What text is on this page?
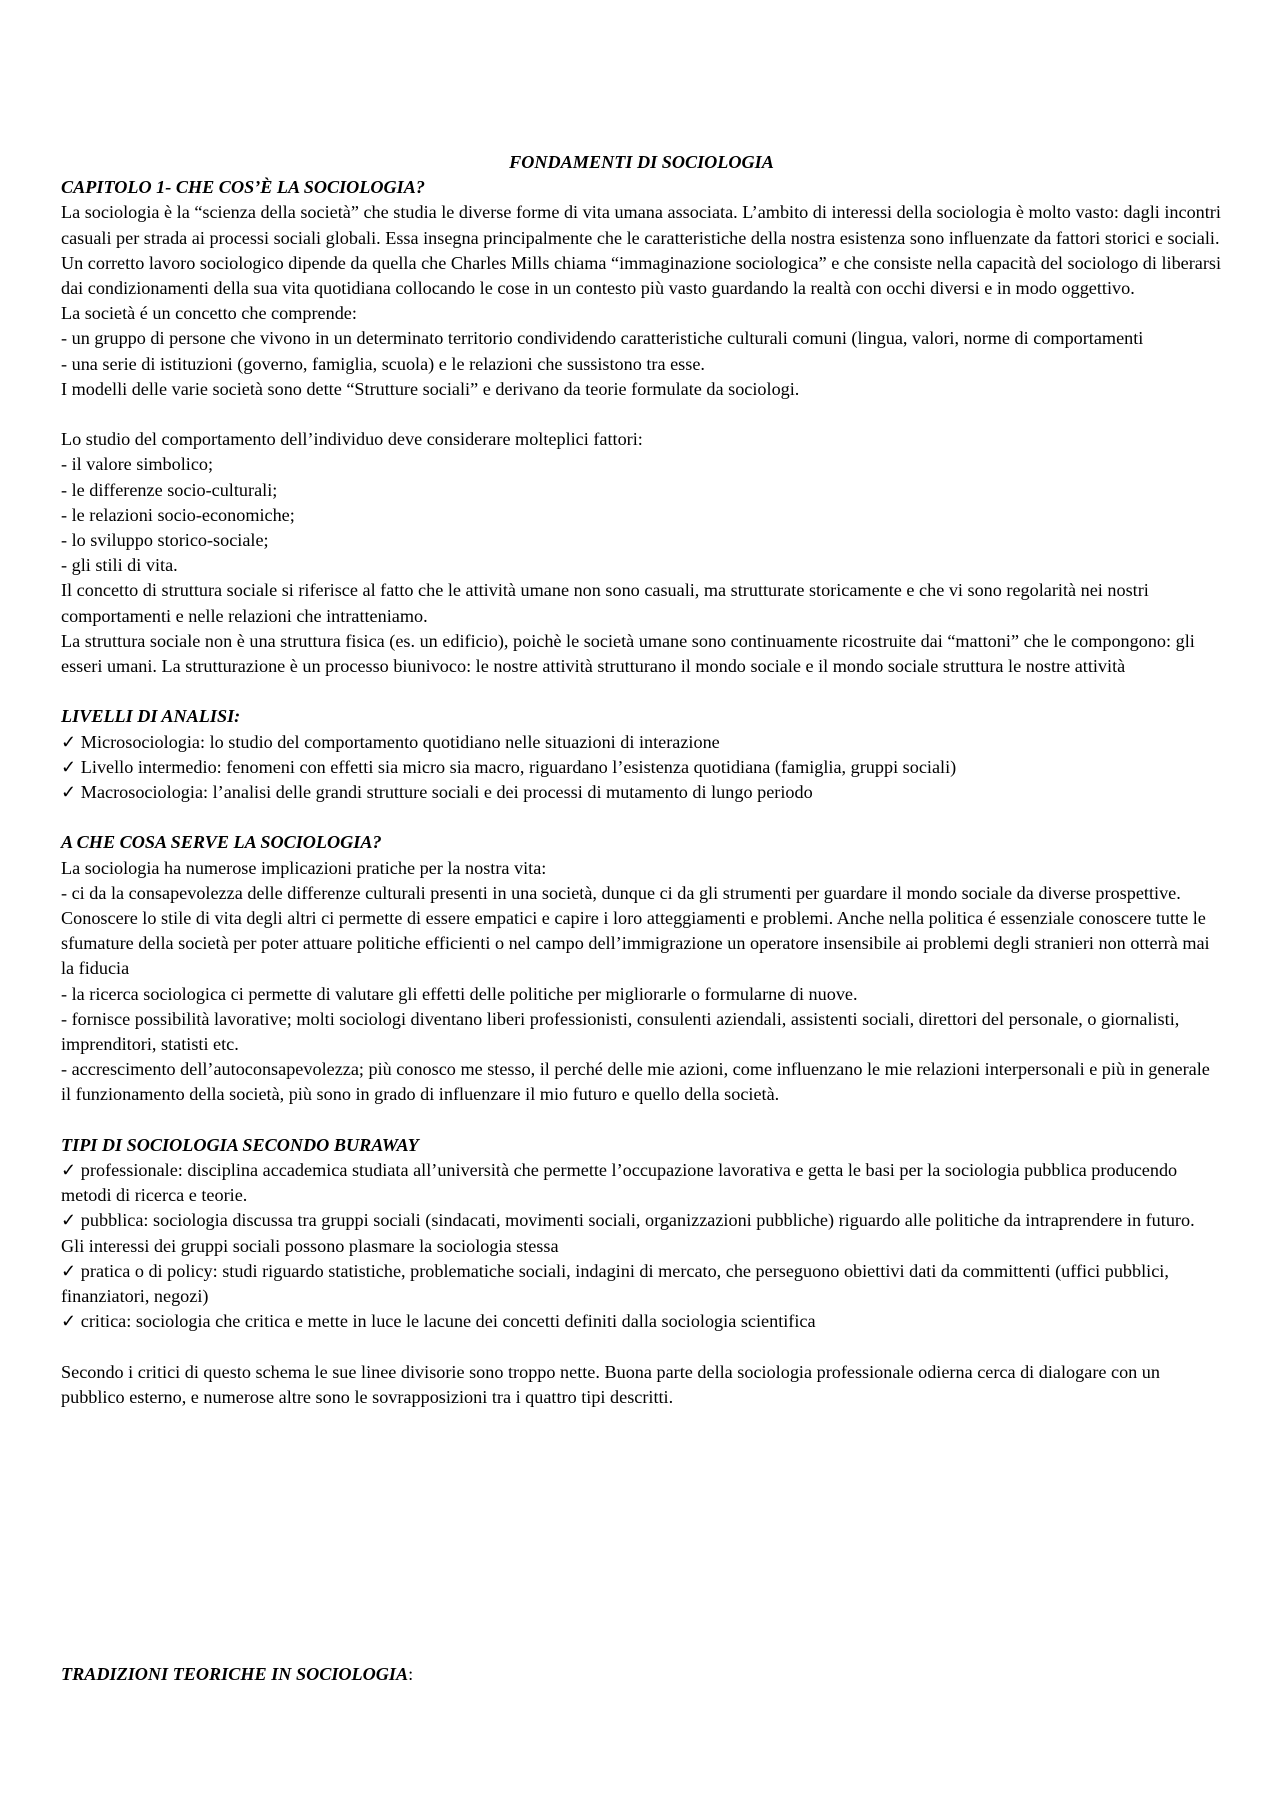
FONDAMENTI DI SOCIOLOGIA

CAPITOLO 1- CHE COS’È LA SOCIOLOGIA?

La sociologia è la “scienza della società” che studia le diverse forme di vita umana associata. L’ambito di interessi della sociologia è molto vasto: dagli incontri casuali per strada ai processi sociali globali. Essa insegna principalmente che le caratteristiche della nostra esistenza sono influenzate da fattori storici e sociali.

Un corretto lavoro sociologico dipende da quella che Charles Mills chiama “immaginazione sociologica” e che consiste nella capacità del sociologo di liberarsi dai condizionamenti della sua vita quotidiana collocando le cose in un contesto più vasto guardando la realtà con occhi diversi e in modo oggettivo.

La società é un concetto che comprende:

- un gruppo di persone che vivono in un determinato territorio condividendo caratteristiche culturali comuni (lingua, valori, norme di comportamenti

- una serie di istituzioni (governo, famiglia, scuola) e le relazioni che sussistono tra esse.

I modelli delle varie società sono dette “Strutture sociali” e derivano da teorie formulate da sociologi.

Lo studio del comportamento dell’individuo deve considerare molteplici fattori:

- il valore simbolico;

- le differenze socio-culturali;

- le relazioni socio-economiche;

- lo sviluppo storico-sociale;

- gli stili di vita.

Il concetto di struttura sociale si riferisce al fatto che le attività umane non sono casuali, ma strutturate storicamente e che vi sono regolarità nei nostri comportamenti e nelle relazioni che intratteniamo.

La struttura sociale non è una struttura fisica (es. un edificio), poichè le società umane sono continuamente ricostruite dai “mattoni” che le compongono: gli esseri umani. La strutturazione è un processo biunivoco: le nostre attività strutturano il mondo sociale e il mondo sociale struttura le nostre attività

LIVELLI DI ANALISI:

✓ Microsociologia: lo studio del comportamento quotidiano nelle situazioni di interazione

✓ Livello intermedio: fenomeni con effetti sia micro sia macro, riguardano l’esistenza quotidiana (famiglia, gruppi sociali)

✓ Macrosociologia: l’analisi delle grandi strutture sociali e dei processi di mutamento di lungo periodo

A CHE COSA SERVE LA SOCIOLOGIA?

La sociologia ha numerose implicazioni pratiche per la nostra vita:

- ci da la consapevolezza delle differenze culturali presenti in una società, dunque ci da gli strumenti per guardare il mondo sociale da diverse prospettive. Conoscere lo stile di vita degli altri ci permette di essere empatici e capire i loro atteggiamenti e problemi. Anche nella politica é essenziale conoscere tutte le sfumature della società per poter attuare politiche efficienti o nel campo dell’immigrazione un operatore insensibile ai problemi degli stranieri non otterrà mai la fiducia

- la ricerca sociologica ci permette di valutare gli effetti delle politiche per migliorarle o formularne di nuove.

- fornisce possibilità lavorative; molti sociologi diventano liberi professionisti, consulenti aziendali, assistenti sociali, direttori del personale, o giornalisti, imprenditori, statisti etc.

- accrescimento dell’autoconsapevolezza; più conosco me stesso, il perché delle mie azioni, come influenzano le mie relazioni interpersonali e più in generale il funzionamento della società, più sono in grado di influenzare il mio futuro e quello della società.

TIPI DI SOCIOLOGIA SECONDO BURAWAY

✓ professionale: disciplina accademica studiata all’università che permette l’occupazione lavorativa e getta le basi per la sociologia pubblica producendo metodi di ricerca e teorie.

✓ pubblica: sociologia discussa tra gruppi sociali (sindacati, movimenti sociali, organizzazioni pubbliche) riguardo alle politiche da intraprendere in futuro. Gli interessi dei gruppi sociali possono plasmare la sociologia stessa

✓ pratica o di policy: studi riguardo statistiche, problematiche sociali, indagini di mercato, che perseguono obiettivi dati da committenti (uffici pubblici, finanziatori, negozi)

✓ critica: sociologia che critica e mette in luce le lacune dei concetti definiti dalla sociologia scientifica

Secondo i critici di questo schema le sue linee divisorie sono troppo nette. Buona parte della sociologia professionale odierna cerca di dialogare con un pubblico esterno, e numerose altre sono le sovrapposizioni tra i quattro tipi descritti.

TRADIZIONI TEORICHE IN SOCIOLOGIA:
